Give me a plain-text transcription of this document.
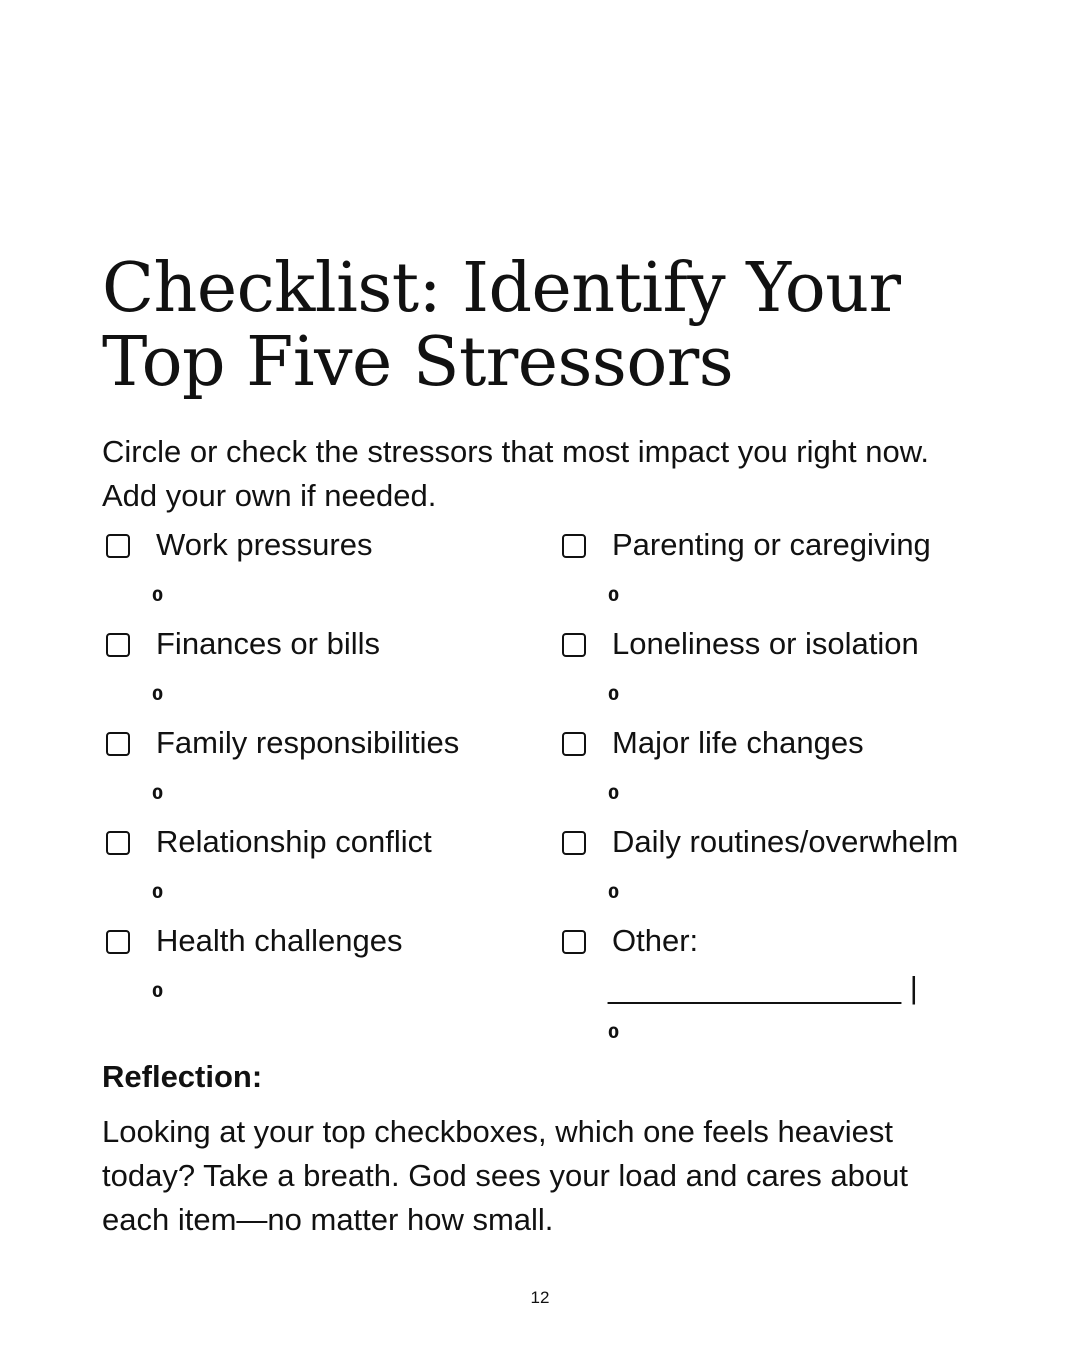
Checklist: Identify Your
Top Five Stressors

Circle or check the stressors that most impact you right now.
Add your own if needed.

Work pressures
0
Finances or bills
0
Family responsibilities
0
Relationship conflict
0
Health challenges
0
Parenting or caregiving
0
Loneliness or isolation
0
Major life changes
0
Daily routines/overwhelm
0
Other:
_________________ |
0
Reflection:

Looking at your top checkboxes, which one feels heaviest
today? Take a breath. God sees your load and cares about
each item—no matter how small.

12
